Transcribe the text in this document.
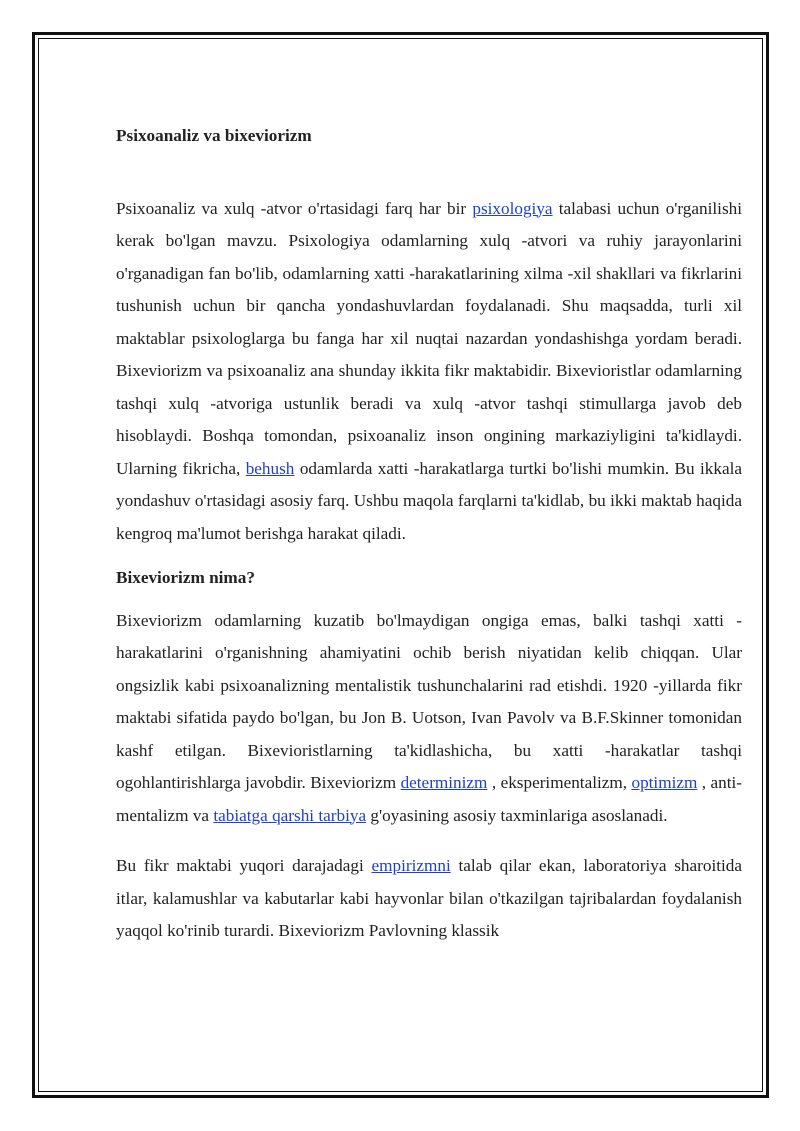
Psixoanaliz va bixeviorizm

Psixoanaliz va xulq -atvor o'rtasidagi farq har bir psixologiya talabasi uchun o'rganilishi kerak bo'lgan mavzu. Psixologiya odamlarning xulq -atvori va ruhiy jarayonlarini o'rganadigan fan bo'lib, odamlarning xatti -harakatlarining xilma -xil shakllari va fikrlarini tushunish uchun bir qancha yondashuvlardan foydalanadi. Shu maqsadda, turli xil maktablar psixologlarga bu fanga har xil nuqtai nazardan yondashishga yordam beradi. Bixeviorizm va psixoanaliz ana shunday ikkita fikr maktabidir. Bixevioristlar odamlarning tashqi xulq -atvoriga ustunlik beradi va xulq -atvor tashqi stimullarga javob deb hisoblaydi. Boshqa tomondan, psixoanaliz inson ongining markaziyligini ta'kidlaydi. Ularning fikricha, behush odamlarda xatti -harakatlarga turtki bo'lishi mumkin. Bu ikkala yondashuv o'rtasidagi asosiy farq. Ushbu maqola farqlarni ta'kidlab, bu ikki maktab haqida kengroq ma'lumot berishga harakat qiladi.

Bixeviorizm nima?

Bixeviorizm odamlarning kuzatib bo'lmaydigan ongiga emas, balki tashqi xatti -harakatlarini o'rganishning ahamiyatini ochib berish niyatidan kelib chiqqan. Ular ongsizlik kabi psixoanalizning mentalistik tushunchalarini rad etishdi. 1920 -yillarda fikr maktabi sifatida paydo bo'lgan, bu Jon B. Uotson, Ivan Pavolv va B.F.Skinner tomonidan kashf etilgan. Bixevioristlarning ta'kidlashicha, bu xatti -harakatlar tashqi ogohlantirishlarga javobdir. Bixeviorizm determinizm , eksperimentalizm, optimizm , anti-mentalizm va tabiatga qarshi tarbiya g'oyasining asosiy taxminlariga asoslanadi.

Bu fikr maktabi yuqori darajadagi empirizmni talab qilar ekan, laboratoriya sharoitida itlar, kalamushlar va kabutarlar kabi hayvonlar bilan o'tkazilgan tajribalardan foydalanish yaqqol ko'rinib turardi. Bixeviorizm Pavlovning klassik
